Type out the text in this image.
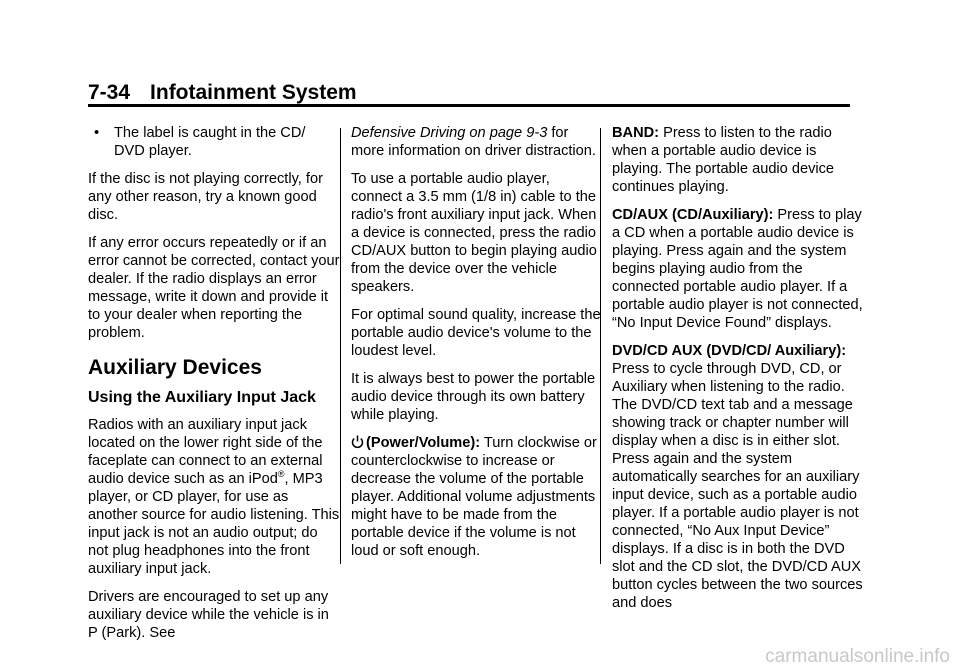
7-34 Infotainment System

• The label is caught in the CD/ DVD player.

If the disc is not playing correctly, for any other reason, try a known good disc.

If any error occurs repeatedly or if an error cannot be corrected, contact your dealer. If the radio displays an error message, write it down and provide it to your dealer when reporting the problem.

Auxiliary Devices
Using the Auxiliary Input Jack

Radios with an auxiliary input jack located on the lower right side of the faceplate can connect to an external audio device such as an iPod®, MP3 player, or CD player, for use as another source for audio listening. This input jack is not an audio output; do not plug headphones into the front auxiliary input jack.

Drivers are encouraged to set up any auxiliary device while the vehicle is in P (Park). See

Defensive Driving on page 9-3 for more information on driver distraction.

To use a portable audio player, connect a 3.5 mm (1/8 in) cable to the radio's front auxiliary input jack. When a device is connected, press the radio CD/AUX button to begin playing audio from the device over the vehicle speakers.

For optimal sound quality, increase the portable audio device's volume to the loudest level.

It is always best to power the portable audio device through its own battery while playing.

(Power/Volume): Turn clockwise or counterclockwise to increase or decrease the volume of the portable player. Additional volume adjustments might have to be made from the portable device if the volume is not loud or soft enough.

BAND: Press to listen to the radio when a portable audio device is playing. The portable audio device continues playing.

CD/AUX (CD/Auxiliary): Press to play a CD when a portable audio device is playing. Press again and the system begins playing audio from the connected portable audio player. If a portable audio player is not connected, “No Input Device Found” displays.

DVD/CD AUX (DVD/CD/ Auxiliary): Press to cycle through DVD, CD, or Auxiliary when listening to the radio. The DVD/CD text tab and a message showing track or chapter number will display when a disc is in either slot. Press again and the system automatically searches for an auxiliary input device, such as a portable audio player. If a portable audio player is not connected, “No Aux Input Device” displays. If a disc is in both the DVD slot and the CD slot, the DVD/CD AUX button cycles between the two sources and does

carmanualsonline.info
